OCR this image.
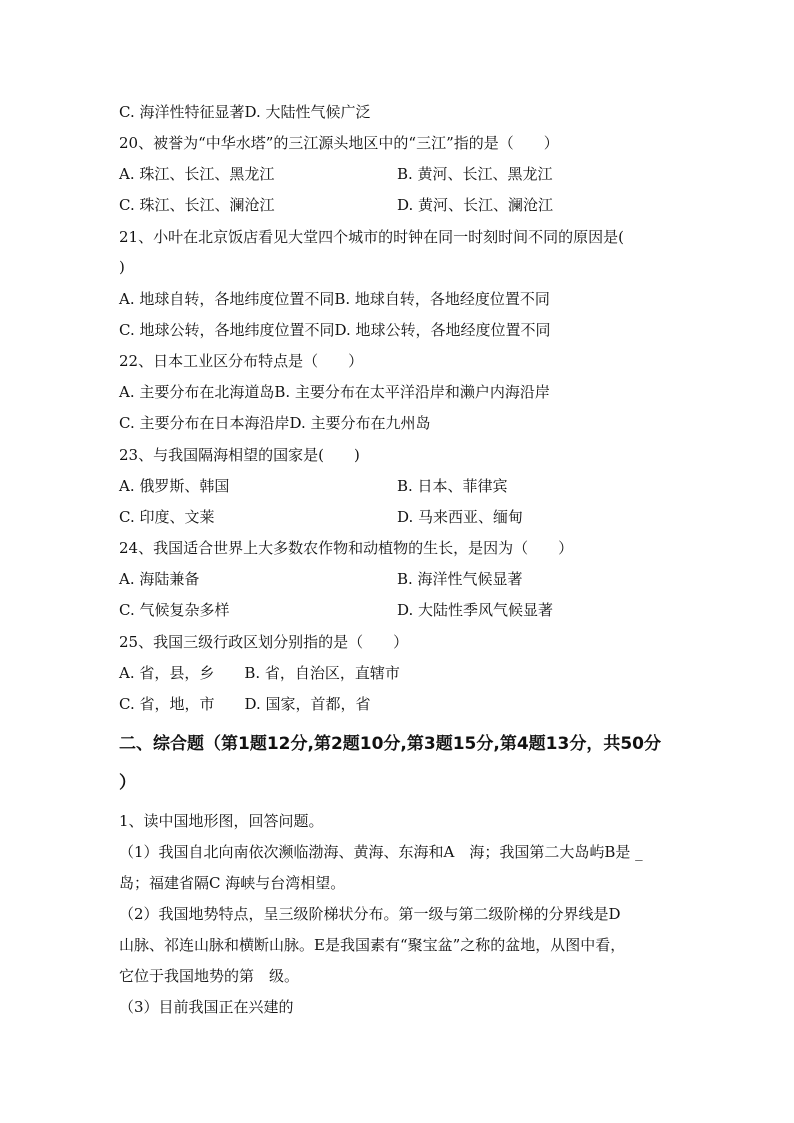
C. 海洋性特征显著D. 大陆性气候广泛
20、被誉为“中华水塔”的三江源头地区中的“三江”指的是（　　）
A. 珠江、长江、黑龙江	B. 黄河、长江、黑龙江
C. 珠江、长江、澜沧江	D. 黄河、长江、澜沧江
21、小叶在北京饭店看见大堂四个城市的时钟在同一时刻时间不同的原因是(
)
A. 地球自转，各地纬度位置不同B. 地球自转，各地经度位置不同
C. 地球公转，各地纬度位置不同D. 地球公转，各地经度位置不同
22、日本工业区分布特点是（　　）
A. 主要分布在北海道岛B. 主要分布在太平洋沿岸和濑户内海沿岸
C. 主要分布在日本海沿岸D. 主要分布在九州岛
23、与我国隔海相望的国家是(　　)
A. 俄罗斯、韩国	B. 日本、菲律宾
C. 印度、文莱	D. 马来西亚、缅甸
24、我国适合世界上大多数农作物和动植物的生长，是因为（　　）
A. 海陆兼备	B. 海洋性气候显著
C. 气候复杂多样	D. 大陆性季风气候显著
25、我国三级行政区划分别指的是（　　）
A. 省，县，乡　　B. 省，自治区，直辖市
C. 省，地，市　　D. 国家，首都，省
二、综合题（第1题12分,第2题10分,第3题15分,第4题13分，共50分
）
1、读中国地形图，回答问题。
（1）我国自北向南依次濒临渤海、黄海、东海和A　海；我国第二大岛屿B是 _
岛；福建省隔C 海峡与台湾相望。
（2）我国地势特点，呈三级阶梯状分布。第一级与第二级阶梯的分界线是D
山脉、祁连山脉和横断山脉。E是我国素有“聚宝盆”之称的盆地，从图中看，
它位于我国地势的第　级。
（3）目前我国正在兴建的
